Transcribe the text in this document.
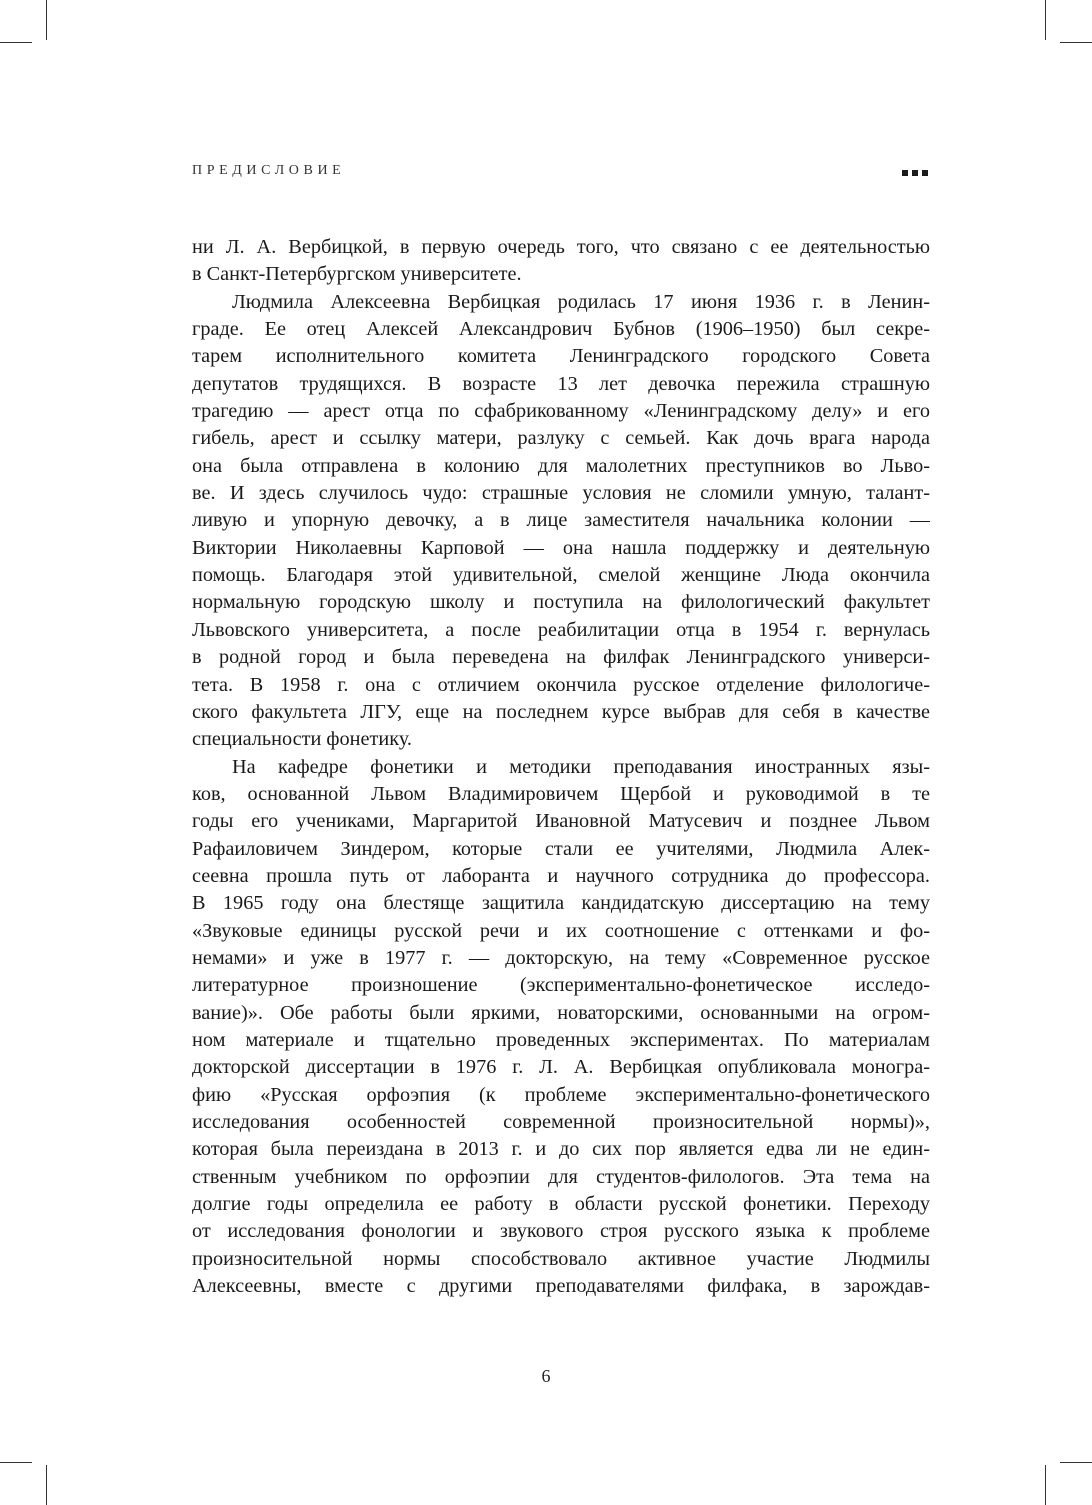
ПРЕДИСЛОВИЕ
ни Л. А. Вербицкой, в первую очередь того, что связано с ее деятельностью
в Санкт-Петербургском университете.
Людмила Алексеевна Вербицкая родилась 17 июня 1936 г. в Ленин-
граде. Ее отец Алексей Александрович Бубнов (1906–1950) был секре-
тарем исполнительного комитета Ленинградского городского Совета
депутатов трудящихся. В возрасте 13 лет девочка пережила страшную
трагедию — арест отца по сфабрикованному «Ленинградскому делу» и его
гибель, арест и ссылку матери, разлуку с семьей. Как дочь врага народа
она была отправлена в колонию для малолетних преступников во Льво-
ве. И здесь случилось чудо: страшные условия не сломили умную, талант-
ливую и упорную девочку, а в лице заместителя начальника колонии —
Виктории Николаевны Карповой — она нашла поддержку и деятельную
помощь. Благодаря этой удивительной, смелой женщине Люда окончила
нормальную городскую школу и поступила на филологический факультет
Львовского университета, а после реабилитации отца в 1954 г. вернулась
в родной город и была переведена на филфак Ленинградского универси-
тета. В 1958 г. она с отличием окончила русское отделение филологиче-
ского факультета ЛГУ, еще на последнем курсе выбрав для себя в качестве
специальности фонетику.
На кафедре фонетики и методики преподавания иностранных язы-
ков, основанной Львом Владимировичем Щербой и руководимой в те
годы его учениками, Маргаритой Ивановной Матусевич и позднее Львом
Рафаиловичем Зиндером, которые стали ее учителями, Людмила Алек-
сеевна прошла путь от лаборанта и научного сотрудника до профессора.
В 1965 году она блестяще защитила кандидатскую диссертацию на тему
«Звуковые единицы русской речи и их соотношение с оттенками и фо-
немами» и уже в 1977 г. — докторскую, на тему «Современное русское
литературное произношение (экспериментально-фонетическое исследо-
вание)». Обе работы были яркими, новаторскими, основанными на огром-
ном материале и тщательно проведенных экспериментах. По материалам
докторской диссертации в 1976 г. Л. А. Вербицкая опубликовала моногра-
фию «Русская орфоэпия (к проблеме экспериментально-фонетического
исследования особенностей современной произносительной нормы)»,
которая была переиздана в 2013 г. и до сих пор является едва ли не един-
ственным учебником по орфоэпии для студентов-филологов. Эта тема на
долгие годы определила ее работу в области русской фонетики. Переходу
от исследования фонологии и звукового строя русского языка к проблеме
произносительной нормы способствовало активное участие Людмилы
Алексеевны, вместе с другими преподавателями филфака, в зарождав-
6
